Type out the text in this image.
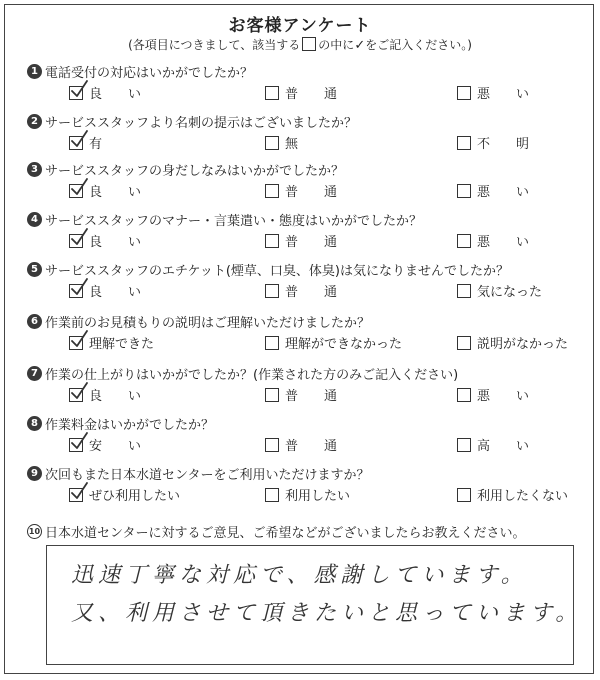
お客様アンケート
(各項目につきまして、該当する の中に✓をご記入ください。)
1 電話受付の対応はいかがでしたか？
良　　い	普　　通	悪　　い
2 サービススタッフより名刺の提示はございましたか？
有	無	不　　明
3 サービススタッフの身だしなみはいかがでしたか？
良　　い	普　　通	悪　　い
4 サービススタッフのマナー・言葉遣い・態度はいかがでしたか？
良　　い	普　　通	悪　　い
5 サービススタッフのエチケット(煙草、口臭、体臭)は気になりませんでしたか？
良　　い	普　　通	気になった
6 作業前のお見積もりの説明はご理解いただけましたか？
理解できた	理解ができなかった	説明がなかった
7 作業の仕上がりはいかがでしたか？(作業された方のみご記入ください)
良　　い	普　　通	悪　　い
8 作業料金はいかがでしたか？
安　　い	普　　通	高　　い
9 次回もまた日本水道センターをご利用いただけますか？
ぜひ利用したい	利用したい	利用したくない
10 日本水道センターに対するご意見、ご希望などがございましたらお教えください。
迅速丁寧な対応で、感謝しています。
又、利用させて頂きたいと思っています。
